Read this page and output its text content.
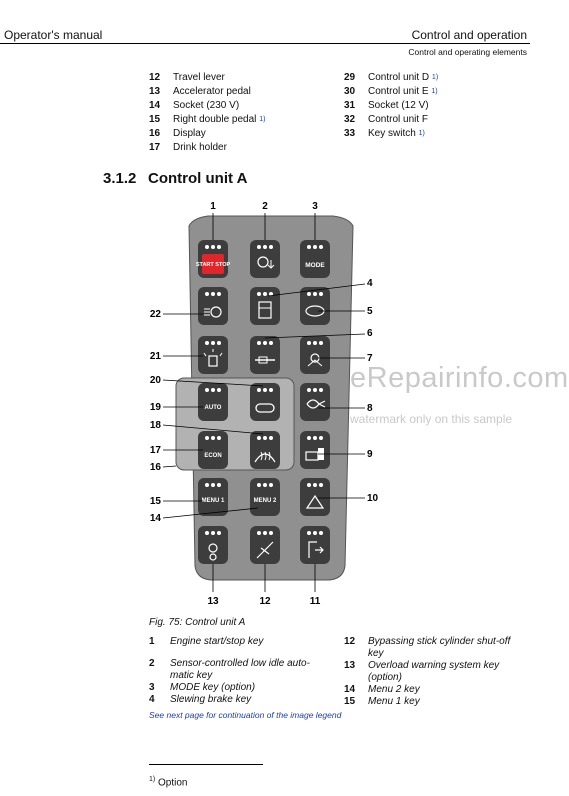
Operator's manual	Control and operation
Control and operating elements
12	Travel lever
13	Accelerator pedal
14	Socket (230 V)
15	Right double pedal
1)
16	Display
17	Drink holder
29	Control unit D
1)
30	Control unit E
1)
31	Socket (12 V)
32	Control unit F
33	Key switch
1)
3.1.2 Control unit A
START STOP
AUTO
ECON
MENU 1	MENU 2
MODE
1	2	3
4
5
6
7
8
9
10
11
12
13
22
21
20
19
18
17
16
15
14
eRepairinfo.com
watermark only on this sample
Fig. 75: Control unit A
1	Engine start/stop key
2	Sensor-controlled low idle auto-
matic key
3	MODE key (option)
4	Slewing brake key
12	Bypassing stick cylinder shut-off
key
13	Overload warning system key
(option)
14	Menu 2 key
15	Menu 1 key
See next page for continuation of the image legend
$^{1)}$ Option
